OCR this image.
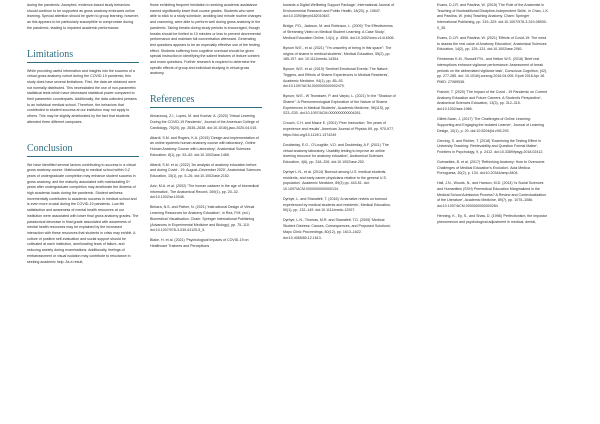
during the pandemic. Accepted, evidence-based study behaviors should continue to be supported as gross anatomy embraces online learning. Special attention should be given to group learning, however, as this appears to be particularly susceptible to compromise during the pandemic, leading to impaired academic performance.

Limitations

While providing useful information and insights into the success of a virtual gross anatomy cohort during the COVID-19 pandemic, this study does have several limitations. First, the data we obtained were not normally distributed. This necessitated the use of non-parametric statistical tests which have decreased statistical power compared to their parametric counterparts. Additionally, the data collected pertains to an individual medical school. Therefore, the behaviors that contributed to student success at our institution may not apply to others. This may be slightly ameliorated by the fact that students attended three different campuses.

Conclusion

We have identified several factors contributing to success in a virtual gross anatomy course. Matriculating to medical school within 0-2 years of undergraduate completion may enhance student success in gross anatomy, and the maturity associated with matriculating 5+ years after undergraduate completion may ameliorate the distress of high academic loads during the pandemic. Student wellness incrementally contributes to academic success in medical school and is even more crucial during the COVID-19 pandemic. Low life satisfaction and awareness of mental health resources at our institution were associated with lower final gross anatomy grades. The paradoxical decrease in final grade associated with awareness of mental health resources may be explained by the increased interaction with these resources that students in crisis may exhibit. A culture of positive self-evaluation and social support should be cultivated at each institution, ameliorating fears of failure, and reducing anxiety during examinations. Additionally, feelings of embarrassment or visual isolation may contribute to reluctance in seeking academic help. As a result,

those exhibiting frequent hesitation to seeking academic assistance earned significantly lower final course grades. Students who were able to stick to a study schedule, avoiding last minute routine changes and cramming, were able to perform well during gross anatomy in the pandemic. Taking breaks during study periods is encouraged, though breaks should be limited to 10 minutes or less to prevent decremental performance and maintain full concentration afterward. Generating test questions appears to be an especially effective use of the testing effect. Students suffering from cognitive overload should be given special instruction in identifying the salient features of lecture content and exam questions. Further research is required to determine the specific effects of group and individual studying in virtual gross anatomy.

References
Almarzooq, Z.I., Lopes, M. and Kochar, A. (2020) 'Virtual Learning During the COVID-19 Pandemic', Journal of the American College of Cardiology, 75(20), pp. 2635–2638. doi:10.1016/j.jacc.2020.04.015.
Attardi, S.M. and Rogers, K.A. (2015) 'Design and implementation of an online systemic human anatomy course with laboratory', Online Human Anatomy Course with Laboratory', Anatomical Sciences Education, 8(1), pp. 53–62. doi:10.1002/ase.1465.
Attardi, S.M. et al. (2022) 'An analysis of anatomy education before and during Covid - 19: August–December 2020', Anatomical Sciences Education, 15(1), pp. 5–26. doi:10.1002/ase.2152.
Aziz, M.A. et al. (2002) 'The human cadaver in the age of biomedical informatics', The Anatomical Record, 269(1), pp. 20–32. doi:10.1002/ar.10046.
Birbara, N.S. and Pather, N. (2021) 'Instructional Design of Virtual Learning Resources for Anatomy Education', in Rea, P.M. (ed.) Biomedical Visualisation. Cham: Springer International Publishing (Advances in Experimental Medicine and Biology), pp. 75–110. doi:10.1007/978-3-030-61125-5_5.
Blake, H. et al. (2021) 'Psychological Impacts of COVID-19 on Healthcare Trainees and Perceptions
towards a Digital Wellbeing Support Package', International Journal of Environmental Research and Public Health, 18(20), p. 10647. doi:10.3390/ijerph182010647.
Bridge, P.D., Jackson, M. and Robinson, L. (2009) 'The Effectiveness of Streaming Video on Medical Student Learning: A Case Study', Medical Education Online, 14(1), p. 4506. doi:10.3402/meo.v14i.4506.
Bynum W.E., et al. (2021) '"I'm unworthy of being in this space": The origins of shame in medical students', Medical Education, 55(2), pp. 185-197. doi: 10.1111/medu.14354.
Bynum, W.E. et al. (2019) 'Sentinel Emotional Events: The Nature, Triggers, and Effects of Shame Experiences in Medical Residents', Academic Medicine, 94(1), pp. 85–93. doi:10.1097/ACM.0000000000002479.
Bynum, W.E., W Teunissen, P. and Varpio, L. (2021) 'In the "Shadow of Shame": A Phenomenological Exploration of the Nature of Shame Experiences in Medical Students', Academic Medicine, 96(11S), pp. S23–S30. doi:10.1097/ACM.0000000000004261.
Crouch, C.H. and Mazur E. (2001) 'Peer Instruction: Ten years of experience and results', American Journal of Physics 69, pp. 970-977, https://doi.org/10.1119/1.1374249
Doubleday, E.G., O'Loughlin, V.D. and Doubleday, A.F. (2011) 'The virtual anatomy laboratory: Usability testing to improve an online learning resource for anatomy education', Anatomical Sciences Education, 4(6), pp. 318–326. doi:10.1002/ase.252.
Dyrbye L.N., et al. (2014) 'Burnout among U.S. medical students, residents, and early career physicians relative to the general U.S. population', Academic Medicine, 89(3) pp. 443-51. doi: 10.1097/ACM.0000000000000134.
Dyrbye, L. and Shanafelt, T. (2016) 'A narrative review on burnout experienced by medical students and residents', Medical Education, 50(1), pp. 132–149. doi:10.1111/medu.12927.
Dyrbye, L.N., Thomas, M.R. and Shanafelt, T.D. (2005) 'Medical Student Distress: Causes, Consequences, and Proposed Solutions', Mayo Clinic Proceedings, 80(12), pp. 1613–1622. doi:10.4065/80.12.1613.
Evans, D.J.R. and Pawlina, W. (2015) 'The Role of the Anatomist in Teaching of Nontraditional Discipline-Independent Skills', in Chan, L.K. and Pawlina, W. (eds) Teaching Anatomy. Cham: Springer International Publishing, pp. 319–329. doi:10.1007/978-3-319-08930-0_35.
Evans, D.J.R. and Pawlina, W. (2021) 'Effects of Covid-19: The need to assess the real value of Anatomy Education', Anatomical Sciences Education, 14(2), pp. 129–131. doi:10.1002/ase.2061.
Friedeman K.M., Russell P.N., and Helton W.S. (2016) 'Brief rest interruptions enhance vigilance performance: Assessment of break periods on the abbreviated vigilance task', Conscious Cognition, (42), pp. 277-285. doi: 10.1016/j.concog.2016.04.005. Epub 2016 Apr 16. PMID: 27089538.
Franchi, T. (2020) 'The Impact of the Covid - 19 Pandemic on Current Anatomy Education and Future Careers: A Student's Perspective', Anatomical Sciences Education, 13(3), pp. 312–315. doi:10.1002/ase.1966.
Gillett-Swan, J. (2017) 'The Challenges of Online Learning: Supporting and Engaging the Isolated Learner', Journal of Learning Design, 10(1), p. 20. doi:10.5204/jld.v9i3.293.
Greving, S. and Richter, T. (2018) 'Examining the Testing Effect in University Teaching: Retrievability and Question Format Matter', Frontiers in Psychology, 9, p. 2412. doi:10.3389/fpsyg.2018.02412.
Guimarães, B. et al. (2017) 'Rethinking Anatomy: How to Overcome Challenges of Medical Education's Evolution', Acta Médica Portuguesa, 30(2), p. 134. doi:10.20344/amp.8404.
Hall, J.N., Woods, N., and Hanson, M.D. (2014) 'Is Social Sciences and Humanities (SSH) Premedical Education Marginalized in the Medical School Admission Process? A Review and Contextualization of the Literature', Academic Medicine, 89(7), pp. 1075–1086. doi:10.1097/ACM.0000000000000284.
Henning, K., Ey, S., and Shaw, D. (1998) 'Perfectionism, the impostor phenomenon and psychological adjustment in medical, dental,
